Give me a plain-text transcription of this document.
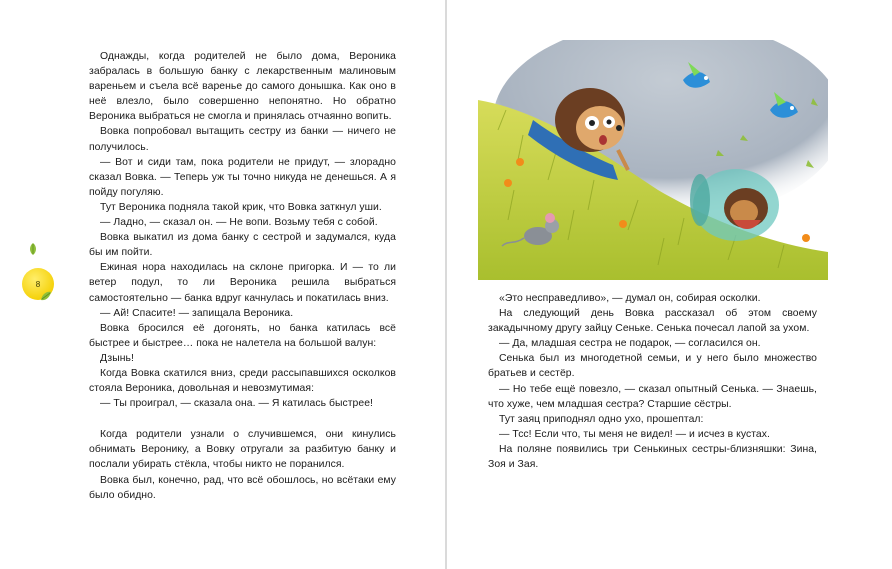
Однажды, когда родителей не было дома, Вероника забралась в большую банку с лекарственным малиновым вареньем и съела всё варенье до самого донышка. Как оно в неё влезло, было совершенно непонятно. Но обратно Вероника выбраться не смогла и принялась отчаянно вопить.

Вовка попробовал вытащить сестру из банки — ничего не получилось.

— Вот и сиди там, пока родители не придут, — злорадно сказал Вовка. — Теперь уж ты точно никуда не денешься. А я пойду погуляю.

Тут Вероника подняла такой крик, что Вовка заткнул уши.

— Ладно, — сказал он. — Не вопи. Возьму тебя с собой.

Вовка выкатил из дома банку с сестрой и задумался, куда бы им пойти.

Ежиная нора находилась на склоне пригорка. И — то ли ветер подул, то ли Вероника решила выбраться самостоятельно — банка вдруг качнулась и покатилась вниз.

— Ай! Спасите! — запищала Вероника.

Вовка бросился её догонять, но банка катилась всё быстрее и быстрее… пока не налетела на большой валун:

Дзынь!

Когда Вовка скатился вниз, среди рассыпавшихся осколков стояла Вероника, довольная и невозмутимая:

— Ты проиграл, — сказала она. — Я катилась быстрее!

Когда родители узнали о случившемся, они кинулись обнимать Веронику, а Вовку отругали за разбитую банку и послали убирать стёкла, чтобы никто не поранился.

Вовка был, конечно, рад, что всё обошлось, но всётаки ему было обидно.

8

«Это несправедливо», — думал он, собирая осколки.

На следующий день Вовка рассказал об этом своему закадычному другу зайцу Сеньке. Сенька почесал лапой за ухом.

— Да, младшая сестра не подарок, — согласился он.

Сенька был из многодетной семьи, и у него было множество братьев и сестёр.

— Но тебе ещё повезло, — сказал опытный Сенька. — Знаешь, что хуже, чем младшая сестра? Старшие сёстры.

Тут заяц приподнял одно ухо, прошептал:

— Тсс! Если что, ты меня не видел! — и исчез в кустах.

На поляне появились три Сенькиных сестры-близняшки: Зина, Зоя и Зая.
